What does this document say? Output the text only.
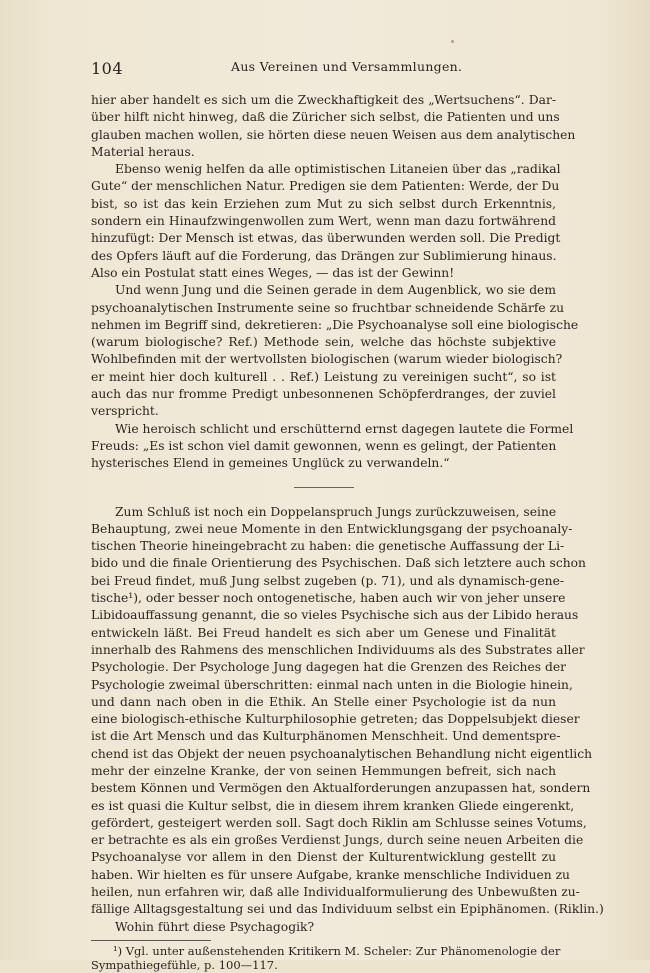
104	Aus Vereinen und Versammlungen.
hier aber handelt es sich um die Zweckhaftigkeit des „Wertsuchens“. Dar-
über hilft nicht hinweg, daß die Züricher sich selbst, die Patienten und uns
glauben machen wollen, sie hörten diese neuen Weisen aus dem analytischen
Material heraus.
Ebenso wenig helfen da alle optimistischen Litaneien über das „radikal
Gute“ der menschlichen Natur. Predigen sie dem Patienten: Werde, der Du
bist, so ist das kein Erziehen zum Mut zu sich selbst durch Erkenntnis,
sondern ein Hinaufzwingenwollen zum Wert, wenn man dazu fortwährend
hinzufügt: Der Mensch ist etwas, das überwunden werden soll. Die Predigt
des Opfers läuft auf die Forderung, das Drängen zur Sublimierung hinaus.
Also ein Postulat statt eines Weges, — das ist der Gewinn!
Und wenn Jung und die Seinen gerade in dem Augenblick, wo sie dem
psychoanalytischen Instrumente seine so fruchtbar schneidende Schärfe zu
nehmen im Begriff sind, dekretieren: „Die Psychoanalyse soll eine biologische
(warum biologische? Ref.) Methode sein, welche das höchste subjektive
Wohlbefinden mit der wertvollsten biologischen (warum wieder biologisch?
er meint hier doch kulturell . . Ref.) Leistung zu vereinigen sucht“, so ist
auch das nur fromme Predigt unbesonnenen Schöpferdranges, der zuviel
verspricht.
Wie heroisch schlicht und erschütternd ernst dagegen lautete die Formel
Freuds: „Es ist schon viel damit gewonnen, wenn es gelingt, der Patienten
hysterisches Elend in gemeines Unglück zu verwandeln.“
Zum Schluß ist noch ein Doppelanspruch Jungs zurückzuweisen, seine
Behauptung, zwei neue Momente in den Entwicklungsgang der psychoanaly-
tischen Theorie hineingebracht zu haben: die genetische Auffassung der Li-
bido und die finale Orientierung des Psychischen. Daß sich letztere auch schon
bei Freud findet, muß Jung selbst zugeben (p. 71), und als dynamisch-gene-
tische¹), oder besser noch ontogenetische, haben auch wir von jeher unsere
Libidoauffassung genannt, die so vieles Psychische sich aus der Libido heraus
entwickeln läßt. Bei Freud handelt es sich aber um Genese und Finalität
innerhalb des Rahmens des menschlichen Individuums als des Substrates aller
Psychologie. Der Psychologe Jung dagegen hat die Grenzen des Reiches der
Psychologie zweimal überschritten: einmal nach unten in die Biologie hinein,
und dann nach oben in die Ethik. An Stelle einer Psychologie ist da nun
eine biologisch-ethische Kulturphilosophie getreten; das Doppelsubjekt dieser
ist die Art Mensch und das Kulturphänomen Menschheit. Und dementspre-
chend ist das Objekt der neuen psychoanalytischen Behandlung nicht eigentlich
mehr der einzelne Kranke, der von seinen Hemmungen befreit, sich nach
bestem Können und Vermögen den Aktualforderungen anzupassen hat, sondern
es ist quasi die Kultur selbst, die in diesem ihrem kranken Gliede eingerenkt,
gefördert, gesteigert werden soll. Sagt doch Riklin am Schlusse seines Votums,
er betrachte es als ein großes Verdienst Jungs, durch seine neuen Arbeiten die
Psychoanalyse vor allem in den Dienst der Kulturentwicklung gestellt zu
haben. Wir hielten es für unsere Aufgabe, kranke menschliche Individuen zu
heilen, nun erfahren wir, daß alle Individualformulierung des Unbewußten zu-
fällige Alltagsgestaltung sei und das Individuum selbst ein Epiphänomen. (Riklin.)
Wohin führt diese Psychagogik?
¹) Vgl. unter außenstehenden Kritikern M. Scheler: Zur Phänomenologie der
Sympathiegefühle, p. 100—117.
